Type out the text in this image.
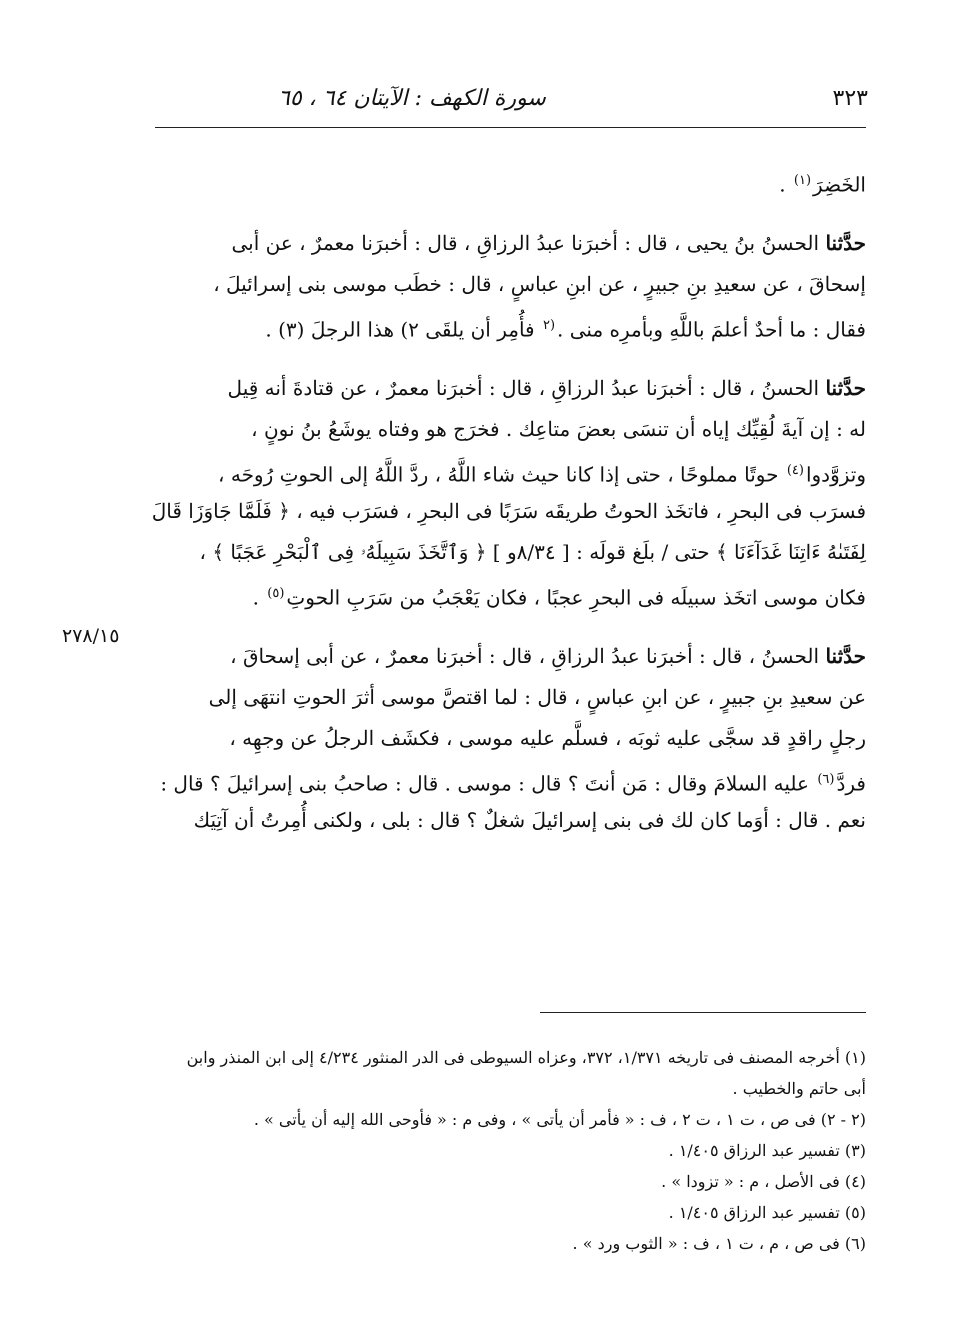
٣٢٣
سورة الكهف : الآيتان ٦٤ ، ٦٥
٢٧٨/١٥
الخَضِرَ$^{(١)}$ .
حدَّثنا الحسنُ بنُ يحيى ، قال : أخبرَنا عبدُ الرزاقِ ، قال : أخبرَنا معمرٌ ، عن أبى
إسحاقَ ، عن سعيدِ بنِ جبيرٍ ، عن ابنِ عباسٍ ، قال : خطَب موسى بنى إسرائيلَ ،
فقال : ما أحدٌ أعلمَ باللَّهِ وبأمرِه منى .$^{(٢}$ فأُمِر أن يلقَى ٢) هذا الرجلَ (٣) .
حدَّثنا الحسنُ ، قال : أخبرَنا عبدُ الرزاقِ ، قال : أخبرَنا معمرٌ ، عن قتادةَ أنه قِيل
له : إن آيةَ لُقِيِّك إياه أن تنسَى بعضَ متاعِك . فخرَج هو وفتاه يوشَعُ بنُ نونٍ ،
وتزوَّدوا$^{(٤)}$ حوتًا مملوحًا ، حتى إذا كانا حيث شاء اللَّهُ ، ردَّ اللَّهُ إلى الحوتِ رُوحَه ،
فسرَب فى البحرِ ، فاتخَذ الحوتُ طريقَه سَرَبًا فى البحرِ ، فسَرَب فيه ، ﴿ فَلَمَّا جَاوَزَا قَالَ
لِفَتَىٰهُ ءَاتِنَا غَدَآءَنَا ﴾ حتى / بلَغ قولَه : [ ٨/٣٤و ] ﴿ وَٱتَّخَذَ سَبِيلَهُۥ فِى ٱلْبَحْرِ عَجَبًا ﴾ ،
فكان موسى اتخَذ سبيلَه فى البحرِ عجبًا ، فكان يَعْجَبُ من سَرَبِ الحوتِ$^{(٥)}$ .
حدَّثنا الحسنُ ، قال : أخبرَنا عبدُ الرزاقِ ، قال : أخبرَنا معمرٌ ، عن أبى إسحاقَ ،
عن سعيدِ بنِ جبيرٍ ، عن ابنِ عباسٍ ، قال : لما اقتصَّ موسى أثرَ الحوتِ انتهَى إلى
رجلٍ راقدٍ قد سجَّى عليه ثوبَه ، فسلَّم عليه موسى ، فكشَف الرجلُ عن وجهِه ،
فردَّ$^{(٦)}$ عليه السلامَ وقال : مَن أنتَ ؟ قال : موسى . قال : صاحبُ بنى إسرائيلَ ؟ قال :
نعم . قال : أوَما كان لك فى بنى إسرائيلَ شغلٌ ؟ قال : بلى ، ولكنى أُمِرتُ أن آتِيَك
(١) أخرجه المصنف فى تاريخه ١/٣٧١، ٣٧٢، وعزاه السيوطى فى الدر المنثور ٤/٢٣٤ إلى ابن المنذر وابن
أبى حاتم والخطيب .
(٢ - ٢) فى ص ، ت ١ ، ت ٢ ، ف : « فأمر أن يأتى » ، وفى م : « فأوحى الله إليه أن يأتى » .
(٣) تفسير عبد الرزاق ١/٤٠٥ .
(٤) فى الأصل ، م : « تزودا » .
(٥) تفسير عبد الرزاق ١/٤٠٥ .
(٦) فى ص ، م ، ت ١ ، ف : « الثوب ورد » .
